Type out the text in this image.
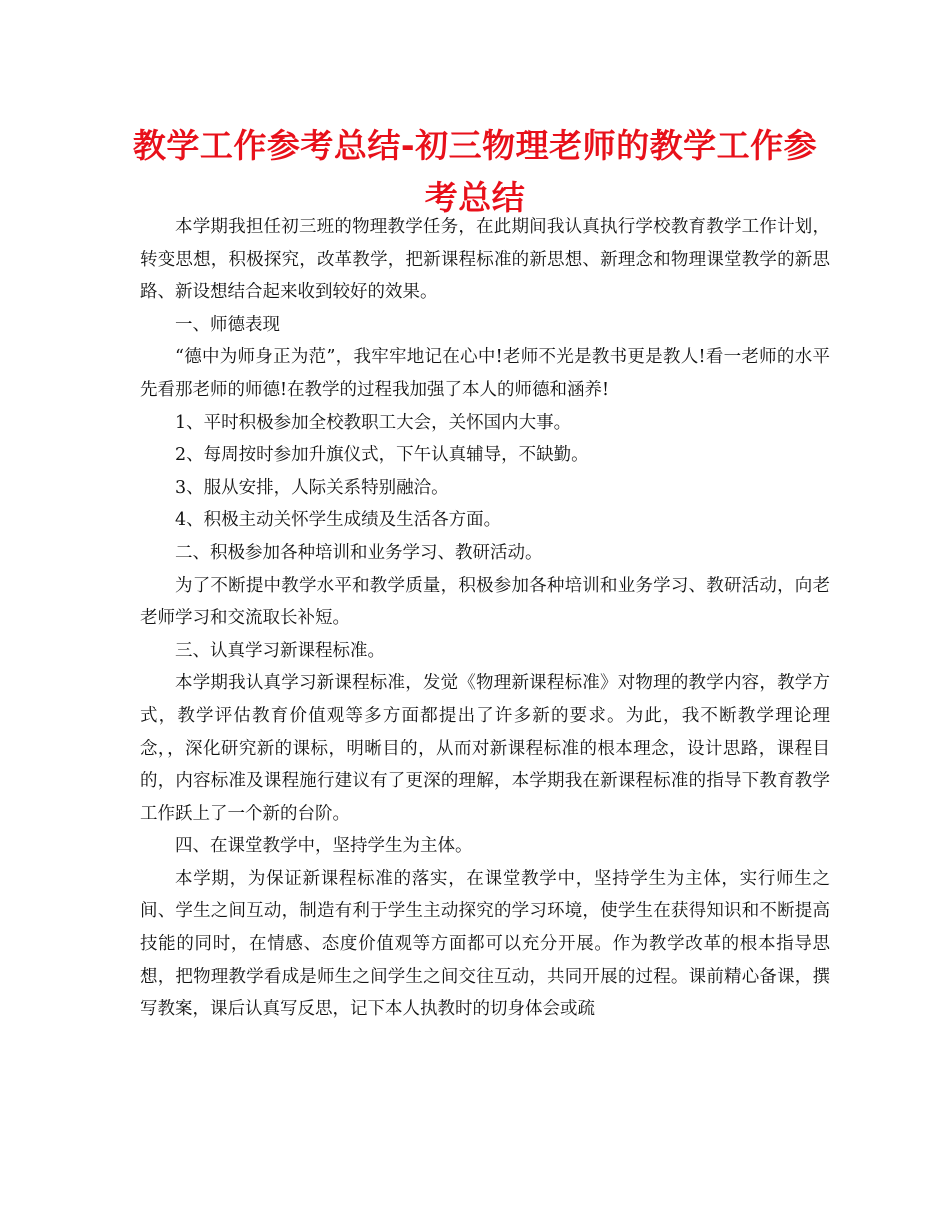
教学工作参考总结-初三物理老师的教学工作参考总结

本学期我担任初三班的物理教学任务，在此期间我认真执行学校教育教学工作计划，转变思想，积极探究，改革教学，把新课程标准的新思想、新理念和物理课堂教学的新思路、新设想结合起来收到较好的效果。

一、师德表现

“德中为师身正为范”，我牢牢地记在心中!老师不光是教书更是教人!看一老师的水平先看那老师的师德!在教学的过程我加强了本人的师德和涵养!

1、平时积极参加全校教职工大会，关怀国内大事。

2、每周按时参加升旗仪式，下午认真辅导，不缺勤。

3、服从安排，人际关系特别融洽。

4、积极主动关怀学生成绩及生活各方面。

二、积极参加各种培训和业务学习、教研活动。

为了不断提中教学水平和教学质量，积极参加各种培训和业务学习、教研活动，向老老师学习和交流取长补短。

三、认真学习新课程标准。

本学期我认真学习新课程标准，发觉《物理新课程标准》对物理的教学内容，教学方式，教学评估教育价值观等多方面都提出了许多新的要求。为此，我不断教学理论理念，，深化研究新的课标，明晰目的，从而对新课程标准的根本理念，设计思路，课程目的，内容标准及课程施行建议有了更深的理解，本学期我在新课程标准的指导下教育教学工作跃上了一个新的台阶。

四、在课堂教学中，坚持学生为主体。

本学期，为保证新课程标准的落实，在课堂教学中，坚持学生为主体，实行师生之间、学生之间互动，制造有利于学生主动探究的学习环境，使学生在获得知识和不断提高技能的同时，在情感、态度价值观等方面都可以充分开展。作为教学改革的根本指导思想，把物理教学看成是师生之间学生之间交往互动，共同开展的过程。课前精心备课，撰写教案，课后认真写反思，记下本人执教时的切身体会或疏
